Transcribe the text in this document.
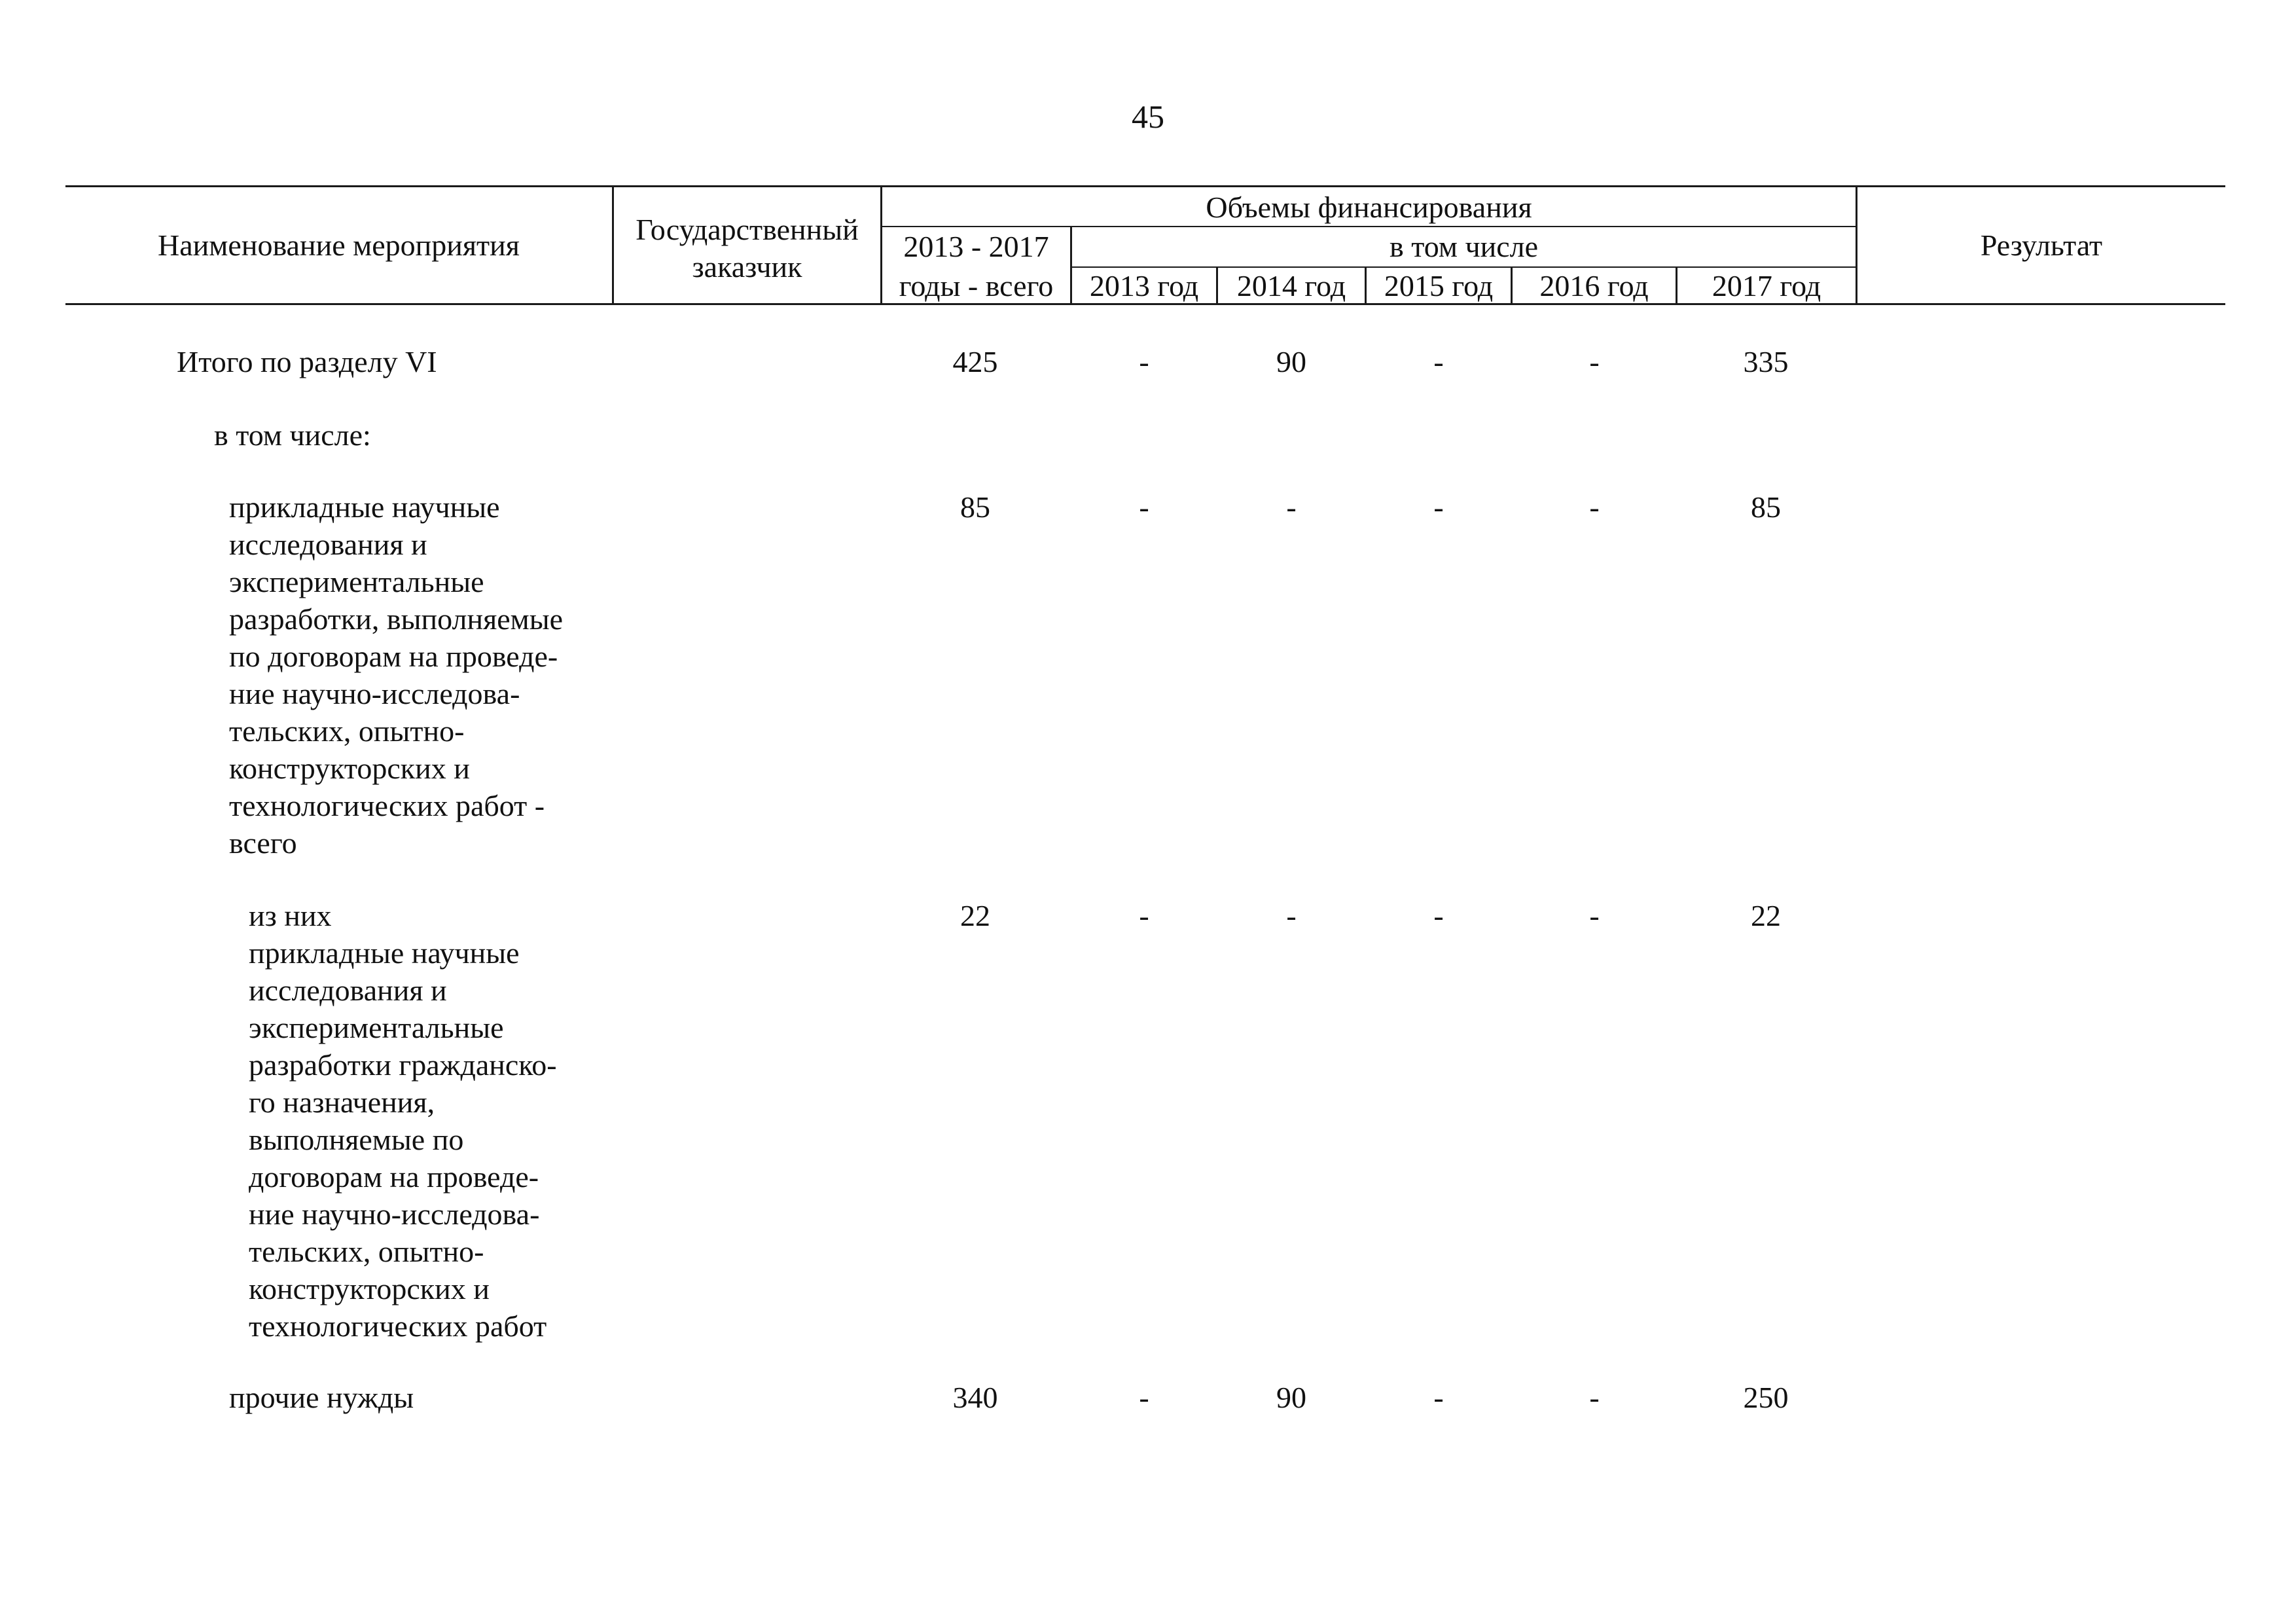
45
Наименование мероприятия	Государственный
заказчик
Объемы финансирования
2013 - 2017
годы - всего
в том числе
2013 год	2014 год	2015 год	2016 год	2017 год
Результат
Итого по разделу VI	425	-	90	-	-	335
в том числе:
прикладные научные
исследования и
экспериментальные
разработки, выполняемые
по договорам на проведе-
ние научно-исследова-
тельских, опытно-
конструкторских и
технологических работ -
всего
85	-	-	-	-	85
из них
прикладные научные
исследования и
экспериментальные
разработки гражданско-
го назначения,
выполняемые по
договорам на проведе-
ние научно-исследова-
тельских, опытно-
конструкторских и
технологических работ
22	-	-	-	-	22
прочие нужды	340	-	90	-	-	250
